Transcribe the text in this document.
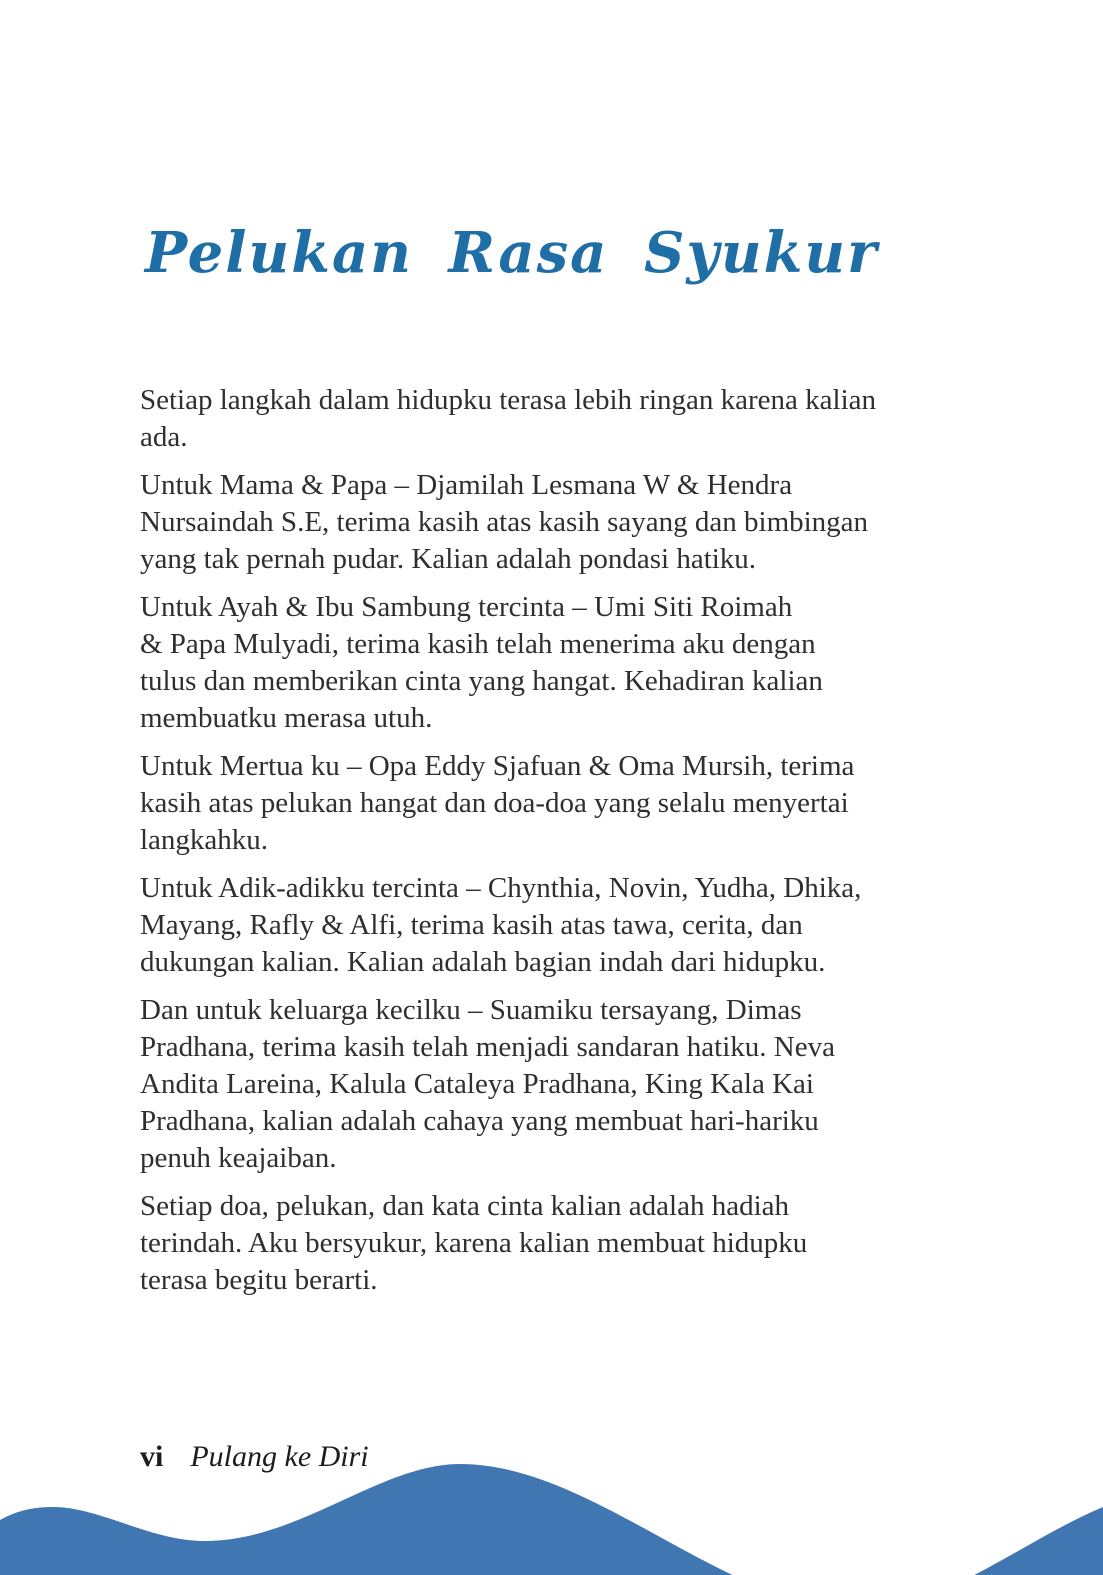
Pelukan Rasa Syukur
Setiap langkah dalam hidupku terasa lebih ringan karena kalian
ada.
Untuk Mama & Papa – Djamilah Lesmana W & Hendra
Nursaindah S.E, terima kasih atas kasih sayang dan bimbingan
yang tak pernah pudar. Kalian adalah pondasi hatiku.
Untuk Ayah & Ibu Sambung tercinta – Umi Siti Roimah
& Papa Mulyadi, terima kasih telah menerima aku dengan
tulus dan memberikan cinta yang hangat. Kehadiran kalian
membuatku merasa utuh.
Untuk Mertua ku – Opa Eddy Sjafuan & Oma Mursih, terima
kasih atas pelukan hangat dan doa-doa yang selalu menyertai
langkahku.
Untuk Adik-adikku tercinta – Chynthia, Novin, Yudha, Dhika,
Mayang, Rafly & Alfi, terima kasih atas tawa, cerita, dan
dukungan kalian. Kalian adalah bagian indah dari hidupku.
Dan untuk keluarga kecilku – Suamiku tersayang, Dimas
Pradhana, terima kasih telah menjadi sandaran hatiku. Neva
Andita Lareina, Kalula Cataleya Pradhana, King Kala Kai
Pradhana, kalian adalah cahaya yang membuat hari-hariku
penuh keajaiban.
Setiap doa, pelukan, dan kata cinta kalian adalah hadiah
terindah. Aku bersyukur, karena kalian membuat hidupku
terasa begitu berarti.
vi Pulang ke Diri
